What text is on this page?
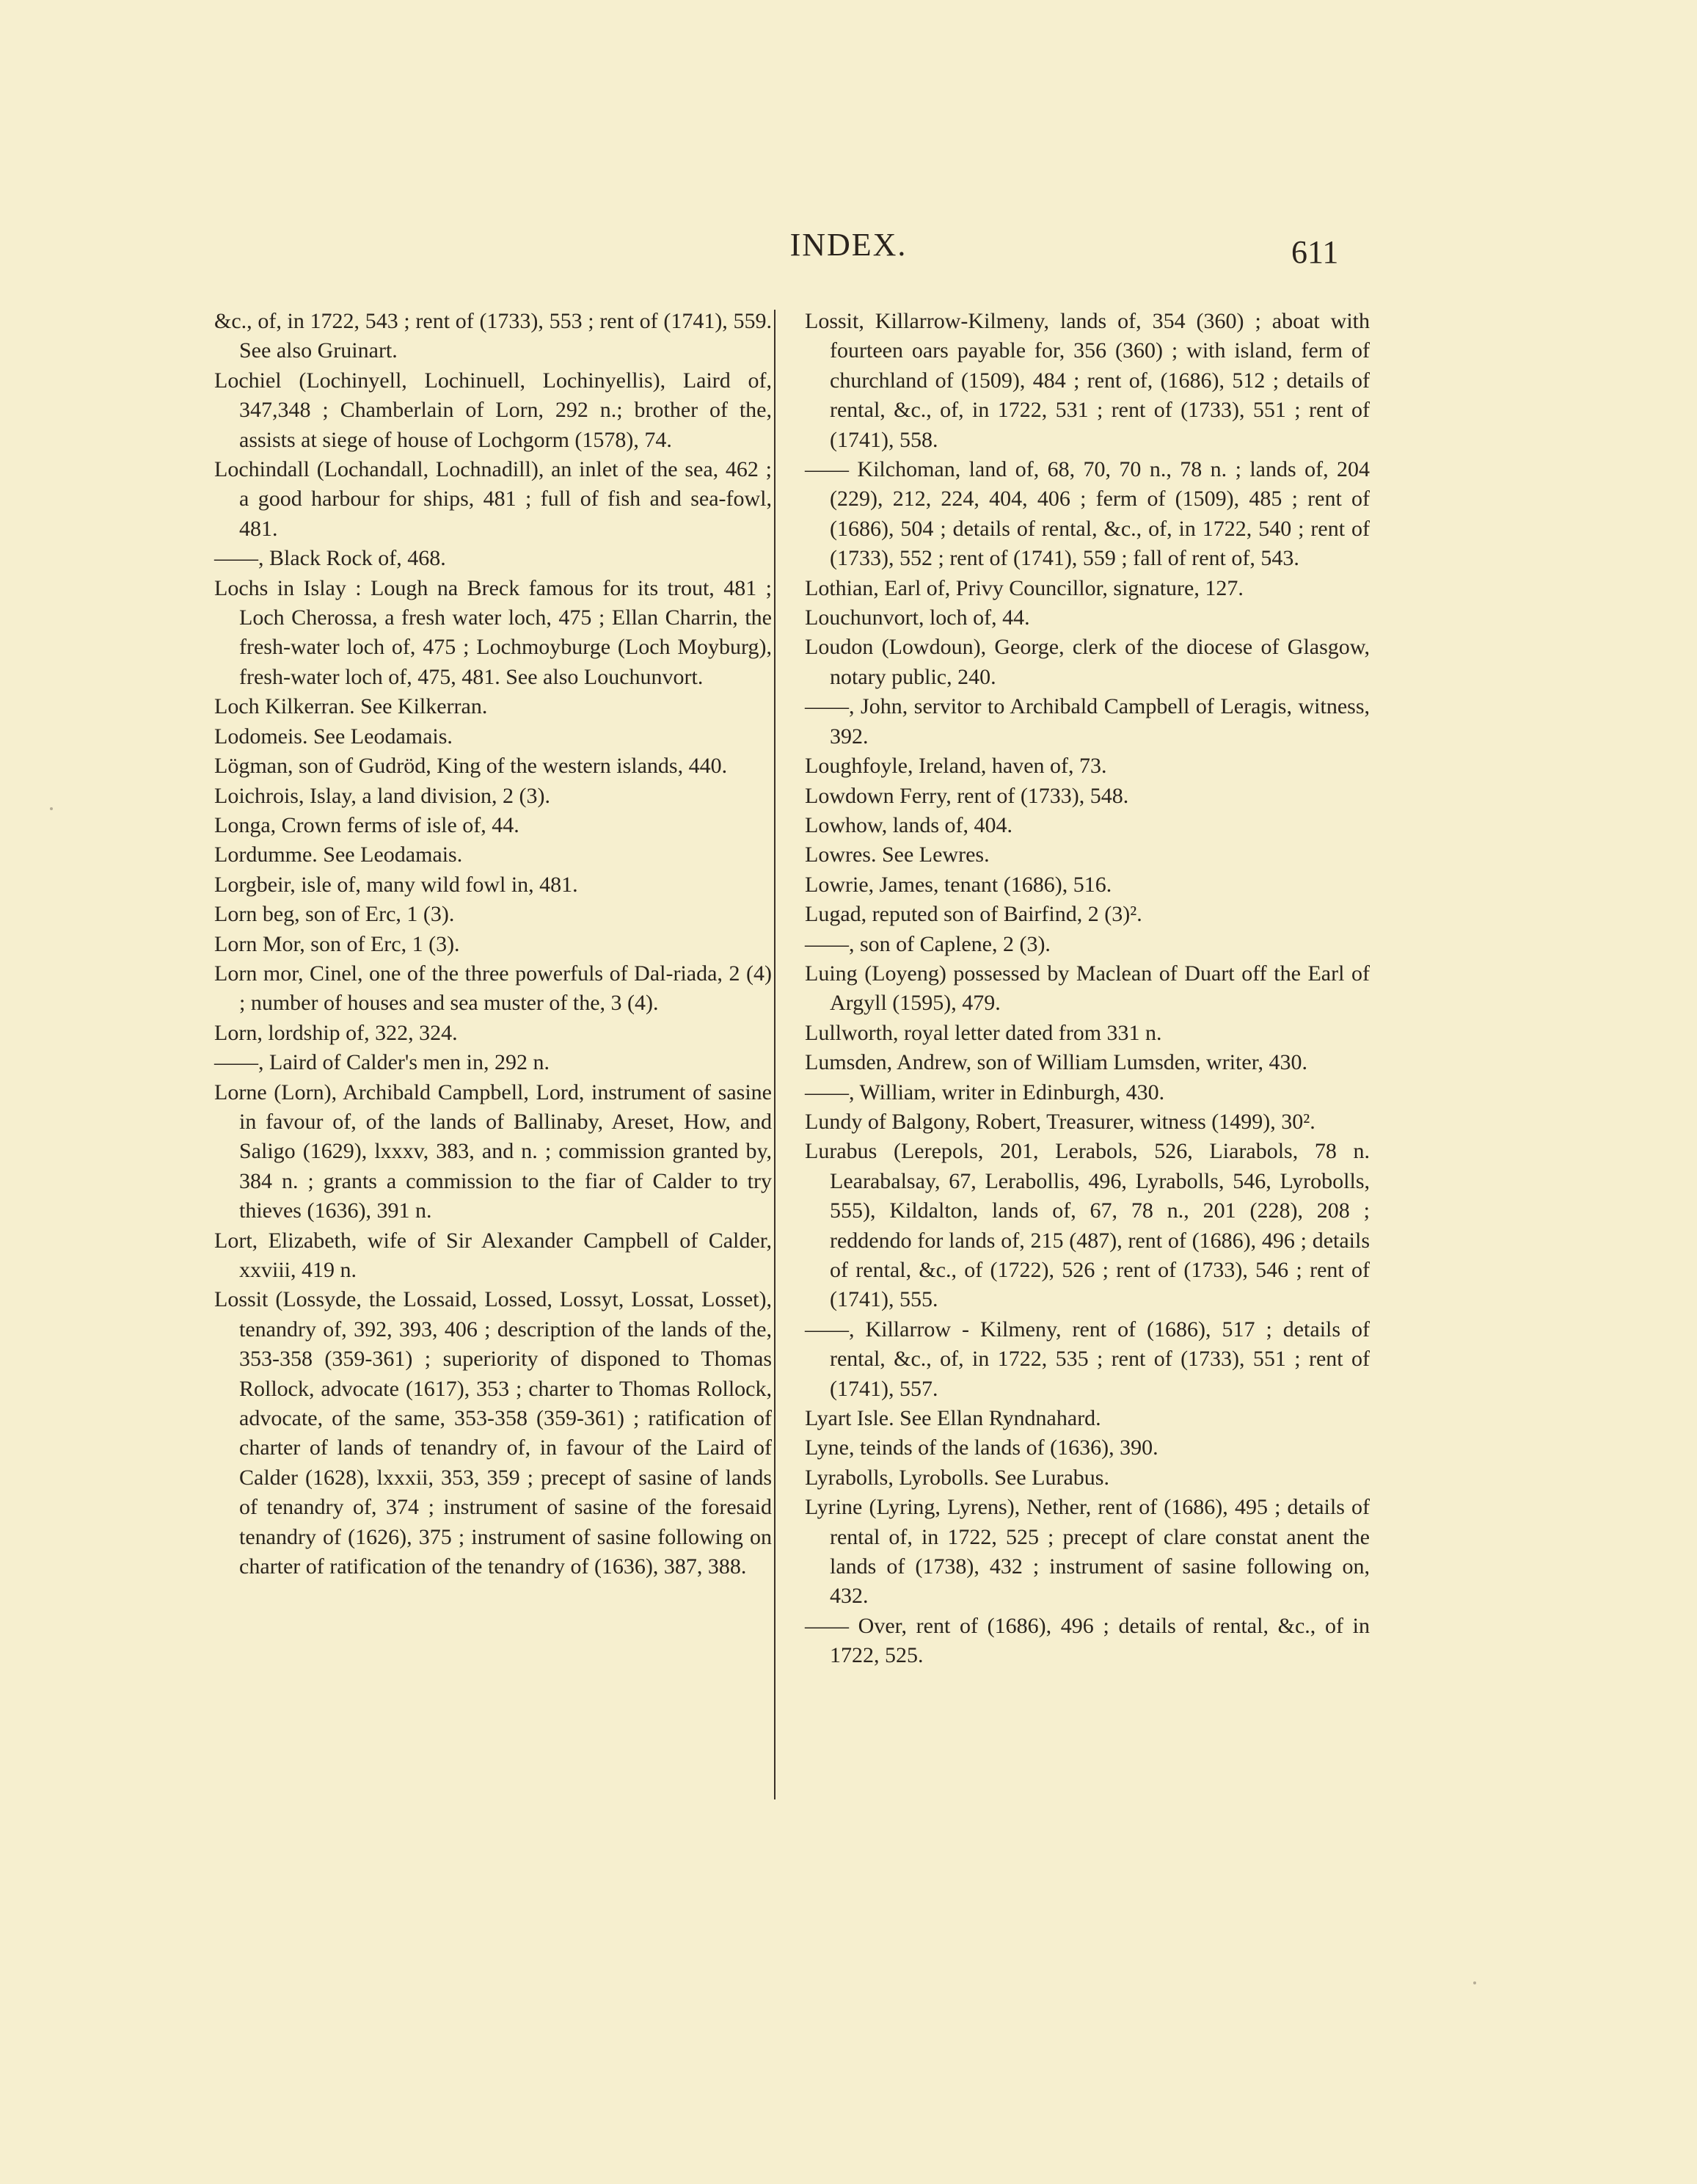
INDEX.	611

&c., of, in 1722, 543 ; rent of (1733), 553 ; rent of (1741), 559. See also Gruinart.

Lochiel (Lochinyell, Lochinuell, Lochinyellis), Laird of, 347,348 ; Chamberlain of Lorn, 292 n.; brother of the, assists at siege of house of Lochgorm (1578), 74.

Lochindall (Lochandall, Lochnadill), an inlet of the sea, 462 ; a good harbour for ships, 481 ; full of fish and sea-fowl, 481.

——, Black Rock of, 468.

Lochs in Islay : Lough na Breck famous for its trout, 481 ; Loch Cherossa, a fresh water loch, 475 ; Ellan Charrin, the fresh-water loch of, 475 ; Lochmoyburge (Loch Moyburg), fresh-water loch of, 475, 481. See also Louchunvort.

Loch Kilkerran. See Kilkerran.

Lodomeis. See Leodamais.

Lögman, son of Gudröd, King of the western islands, 440.

Loichrois, Islay, a land division, 2 (3).

Longa, Crown ferms of isle of, 44.

Lordumme. See Leodamais.

Lorgbeir, isle of, many wild fowl in, 481.

Lorn beg, son of Erc, 1 (3).

Lorn Mor, son of Erc, 1 (3).

Lorn mor, Cinel, one of the three powerfuls of Dal-riada, 2 (4) ; number of houses and sea muster of the, 3 (4).

Lorn, lordship of, 322, 324.

——, Laird of Calder's men in, 292 n.

Lorne (Lorn), Archibald Campbell, Lord, instrument of sasine in favour of, of the lands of Ballinaby, Areset, How, and Saligo (1629), lxxxv, 383, and n. ; commission granted by, 384 n. ; grants a commission to the fiar of Calder to try thieves (1636), 391 n.

Lort, Elizabeth, wife of Sir Alexander Campbell of Calder, xxviii, 419 n.

Lossit (Lossyde, the Lossaid, Lossed, Lossyt, Lossat, Losset), tenandry of, 392, 393, 406 ; description of the lands of the, 353-358 (359-361) ; superiority of disponed to Thomas Rollock, advocate (1617), 353 ; charter to Thomas Rollock, advocate, of the same, 353-358 (359-361) ; ratification of charter of lands of tenandry of, in favour of the Laird of Calder (1628), lxxxii, 353, 359 ; precept of sasine of lands of tenandry of, 374 ; instrument of sasine of the foresaid tenandry of (1626), 375 ; instrument of sasine following on charter of ratification of the tenandry of (1636), 387, 388.

Lossit, Killarrow-Kilmeny, lands of, 354 (360) ; aboat with fourteen oars payable for, 356 (360) ; with island, ferm of churchland of (1509), 484 ; rent of, (1686), 512 ; details of rental, &c., of, in 1722, 531 ; rent of (1733), 551 ; rent of (1741), 558.

—— Kilchoman, land of, 68, 70, 70 n., 78 n. ; lands of, 204 (229), 212, 224, 404, 406 ; ferm of (1509), 485 ; rent of (1686), 504 ; details of rental, &c., of, in 1722, 540 ; rent of (1733), 552 ; rent of (1741), 559 ; fall of rent of, 543.

Lothian, Earl of, Privy Councillor, signature, 127.

Louchunvort, loch of, 44.

Loudon (Lowdoun), George, clerk of the diocese of Glasgow, notary public, 240.

——, John, servitor to Archibald Campbell of Leragis, witness, 392.

Loughfoyle, Ireland, haven of, 73.

Lowdown Ferry, rent of (1733), 548.

Lowhow, lands of, 404.

Lowres. See Lewres.

Lowrie, James, tenant (1686), 516.

Lugad, reputed son of Bairfind, 2 (3)².

——, son of Caplene, 2 (3).

Luing (Loyeng) possessed by Maclean of Duart off the Earl of Argyll (1595), 479.

Lullworth, royal letter dated from 331 n.

Lumsden, Andrew, son of William Lumsden, writer, 430.

——, William, writer in Edinburgh, 430.

Lundy of Balgony, Robert, Treasurer, witness (1499), 30².

Lurabus (Lerepols, 201, Lerabols, 526, Liarabols, 78 n. Learabalsay, 67, Lerabollis, 496, Lyrabolls, 546, Lyrobolls, 555), Kildalton, lands of, 67, 78 n., 201 (228), 208 ; reddendo for lands of, 215 (487), rent of (1686), 496 ; details of rental, &c., of (1722), 526 ; rent of (1733), 546 ; rent of (1741), 555.

——, Killarrow - Kilmeny, rent of (1686), 517 ; details of rental, &c., of, in 1722, 535 ; rent of (1733), 551 ; rent of (1741), 557.

Lyart Isle. See Ellan Ryndnahard.

Lyne, teinds of the lands of (1636), 390.

Lyrabolls, Lyrobolls. See Lurabus.

Lyrine (Lyring, Lyrens), Nether, rent of (1686), 495 ; details of rental of, in 1722, 525 ; precept of clare constat anent the lands of (1738), 432 ; instrument of sasine following on, 432.

—— Over, rent of (1686), 496 ; details of rental, &c., of in 1722, 525.
